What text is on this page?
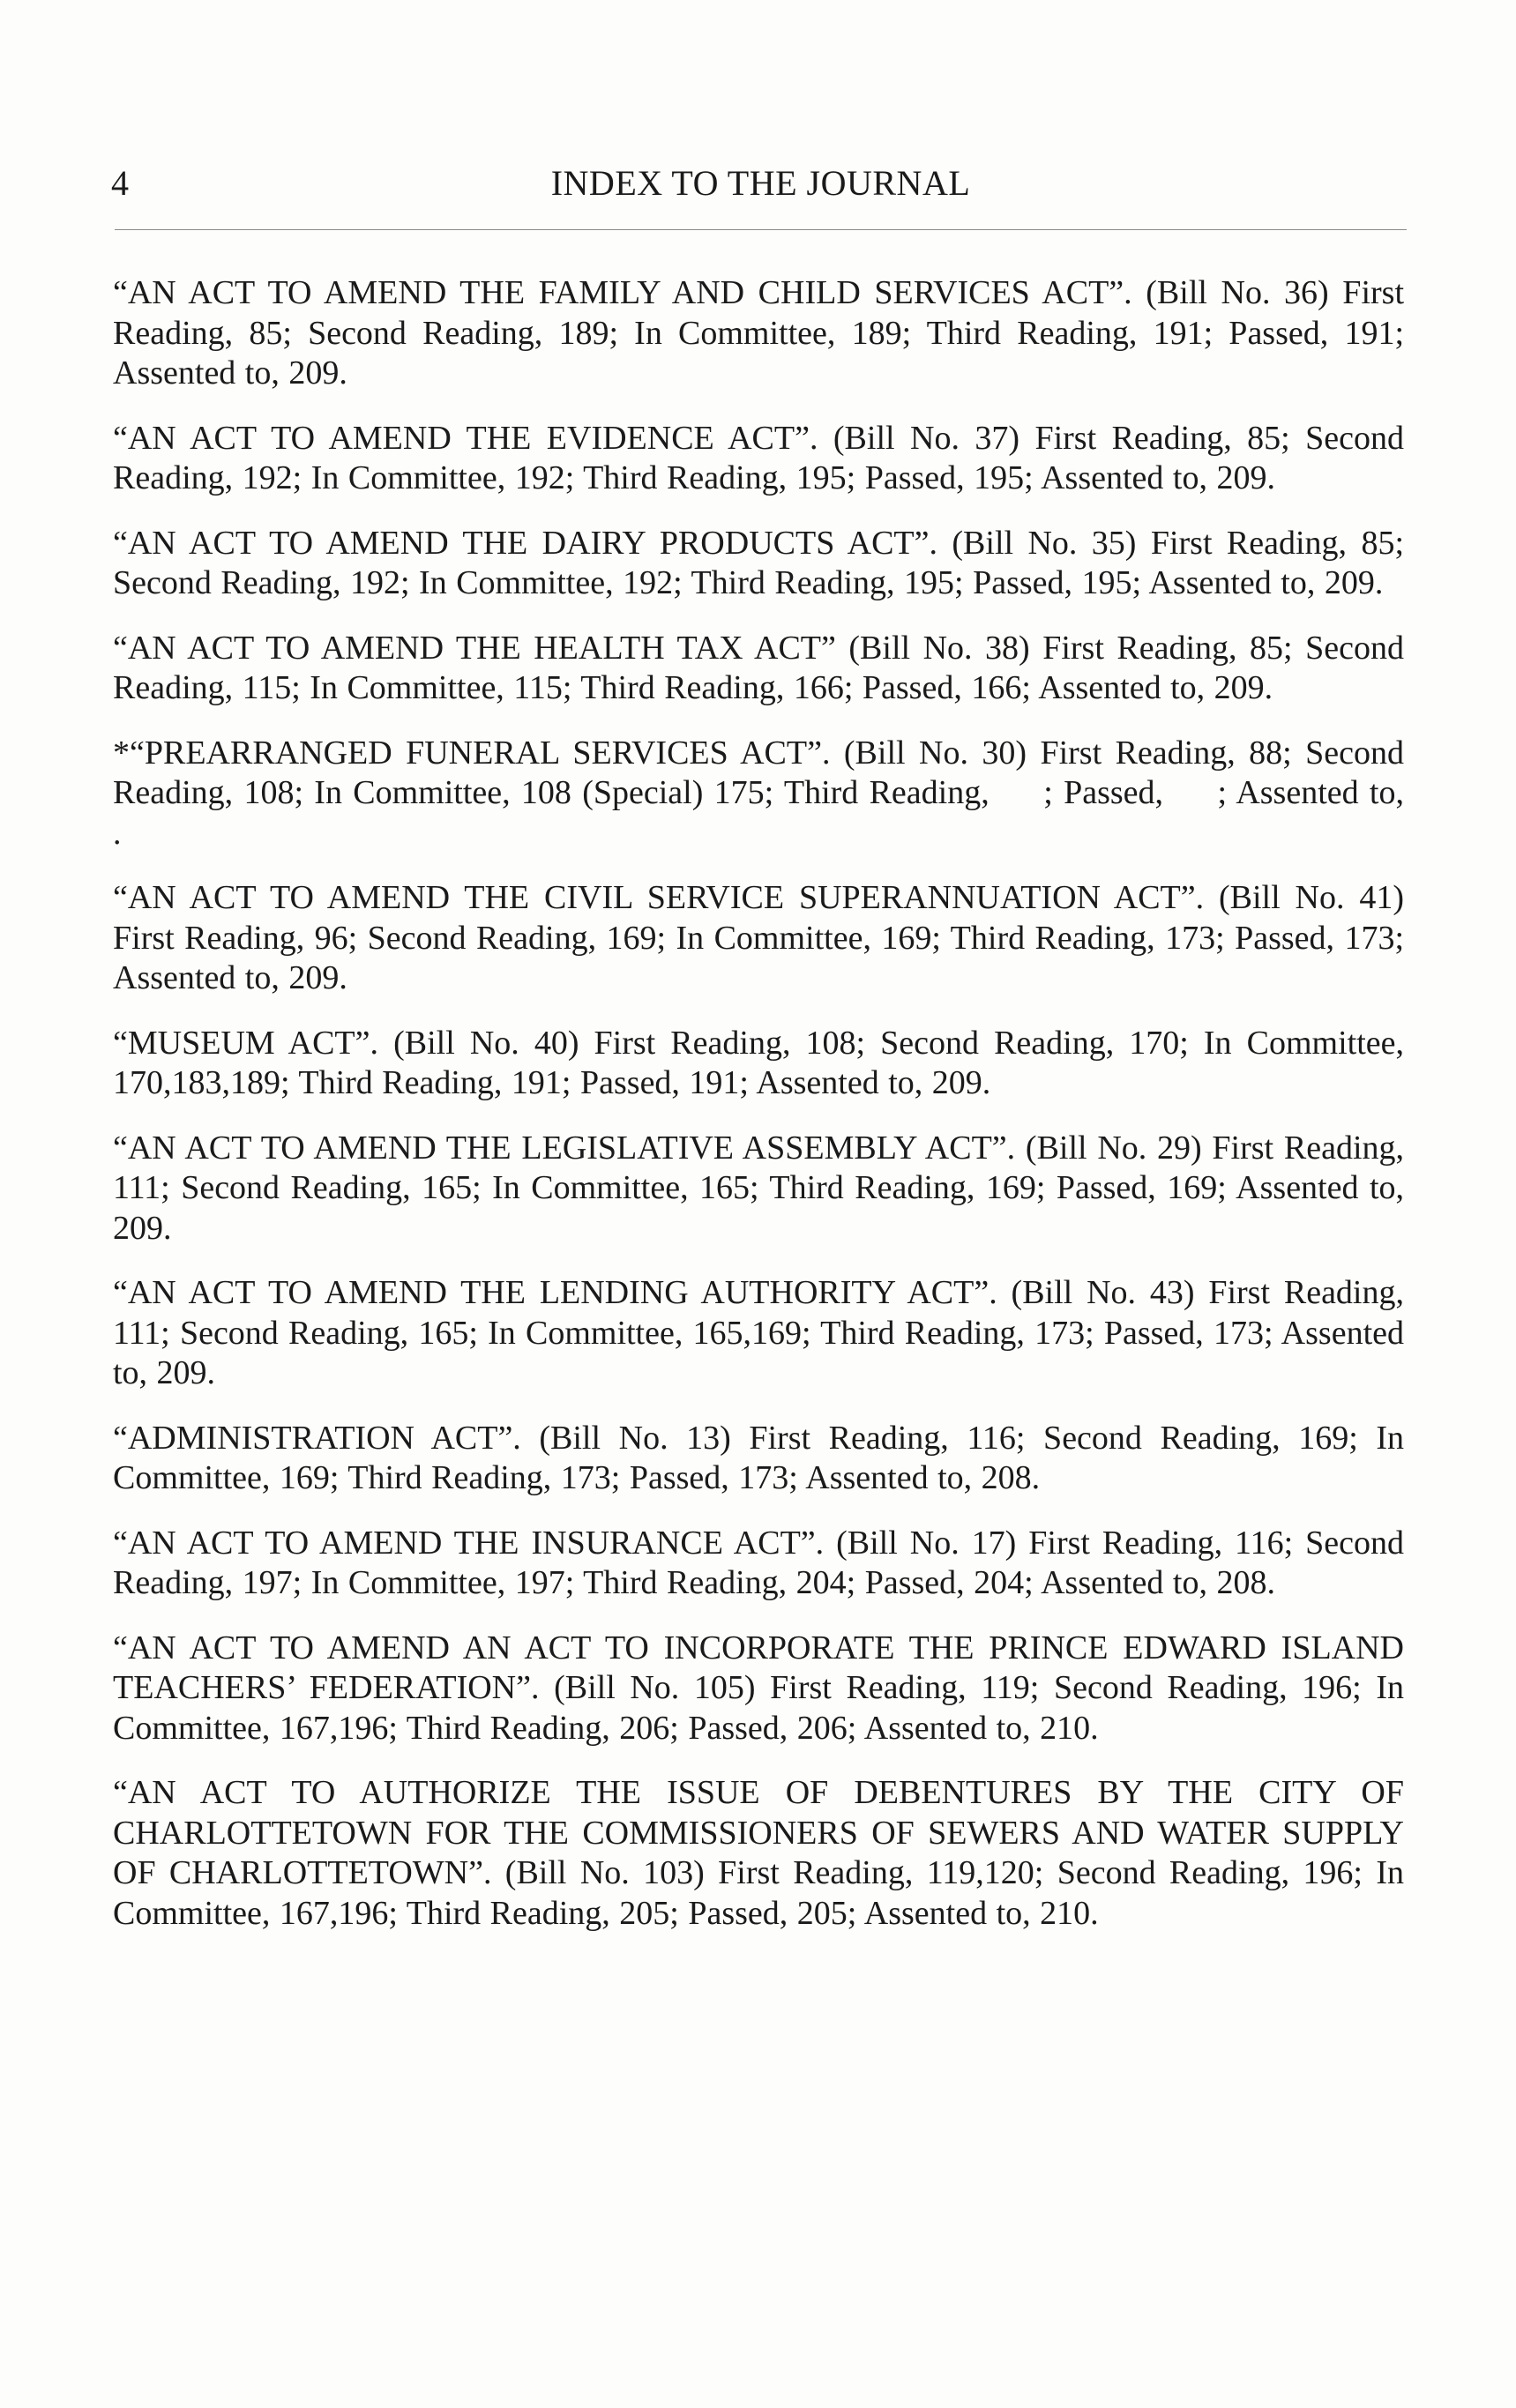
4	INDEX TO THE JOURNAL

“AN ACT TO AMEND THE FAMILY AND CHILD SERVICES ACT”. (Bill No. 36) First Reading, 85; Second Reading, 189; In Committee, 189; Third Reading, 191; Passed, 191; Assented to, 209.

“AN ACT TO AMEND THE EVIDENCE ACT”. (Bill No. 37) First Reading, 85; Second Reading, 192; In Committee, 192; Third Reading, 195; Passed, 195; Assented to, 209.

“AN ACT TO AMEND THE DAIRY PRODUCTS ACT”. (Bill No. 35) First Reading, 85; Second Reading, 192; In Committee, 192; Third Reading, 195; Passed, 195; Assented to, 209.

“AN ACT TO AMEND THE HEALTH TAX ACT” (Bill No. 38) First Reading, 85; Second Reading, 115; In Committee, 115; Third Reading, 166; Passed, 166; Assented to, 209.

*“PREARRANGED FUNERAL SERVICES ACT”. (Bill No. 30) First Reading, 88; Second Reading, 108; In Committee, 108 (Special) 175; Third Reading,     ; Passed,     ; Assented to,     .

“AN ACT TO AMEND THE CIVIL SERVICE SUPERANNUATION ACT”. (Bill No. 41) First Reading, 96; Second Reading, 169; In Committee, 169; Third Reading, 173; Passed, 173; Assented to, 209.

“MUSEUM ACT”. (Bill No. 40) First Reading, 108; Second Reading, 170; In Committee, 170,183,189; Third Reading, 191; Passed, 191; Assented to, 209.

“AN ACT TO AMEND THE LEGISLATIVE ASSEMBLY ACT”. (Bill No. 29) First Reading, 111; Second Reading, 165; In Committee, 165; Third Reading, 169; Passed, 169; Assented to, 209.

“AN ACT TO AMEND THE LENDING AUTHORITY ACT”. (Bill No. 43) First Reading, 111; Second Reading, 165; In Committee, 165,169; Third Reading, 173; Passed, 173; Assented to, 209.

“ADMINISTRATION ACT”. (Bill No. 13) First Reading, 116; Second Reading, 169; In Committee, 169; Third Reading, 173; Passed, 173; Assented to, 208.

“AN ACT TO AMEND THE INSURANCE ACT”. (Bill No. 17) First Reading, 116; Second Reading, 197; In Committee, 197; Third Reading, 204; Passed, 204; Assented to, 208.

“AN ACT TO AMEND AN ACT TO INCORPORATE THE PRINCE EDWARD ISLAND TEACHERS’ FEDERATION”. (Bill No. 105) First Reading, 119; Second Reading, 196; In Committee, 167,196; Third Reading, 206; Passed, 206; Assented to, 210.

“AN ACT TO AUTHORIZE THE ISSUE OF DEBENTURES BY THE CITY OF CHARLOTTETOWN FOR THE COMMISSIONERS OF SEWERS AND WATER SUPPLY OF CHARLOTTETOWN”. (Bill No. 103) First Reading, 119,120; Second Reading, 196; In Committee, 167,196; Third Reading, 205; Passed, 205; Assented to, 210.
